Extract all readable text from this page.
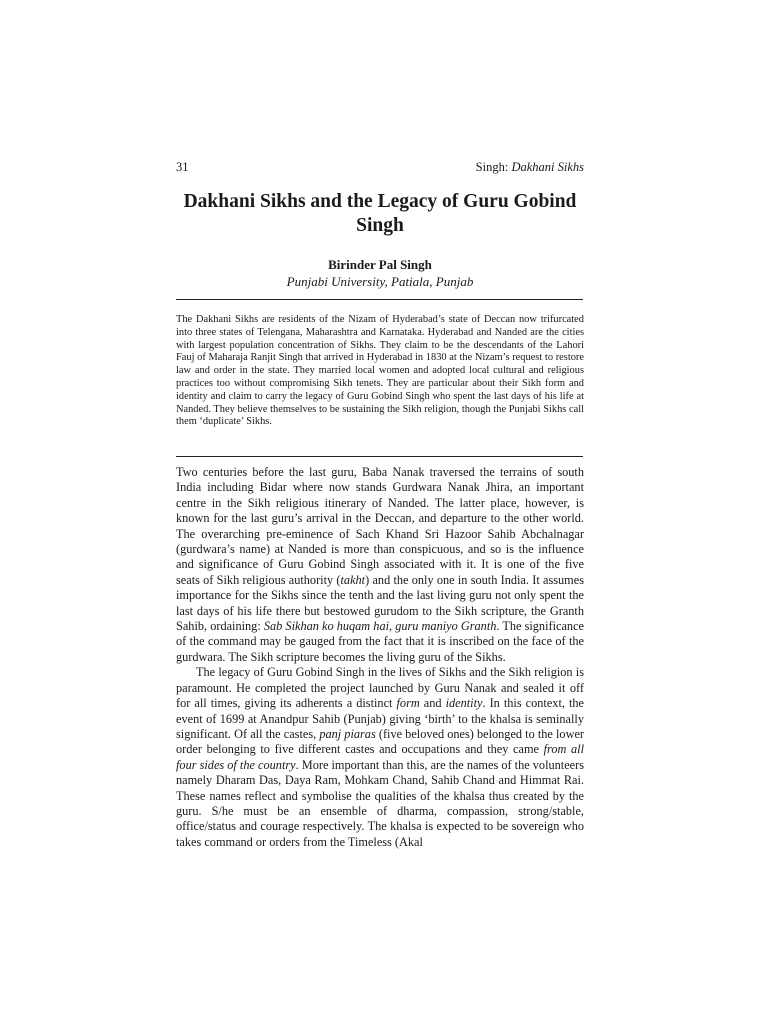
31	Singh: Dakhani Sikhs
Dakhani Sikhs and the Legacy of Guru Gobind Singh
Birinder Pal Singh
Punjabi University, Patiala, Punjab

The Dakhani Sikhs are residents of the Nizam of Hyderabad’s state of Deccan now trifurcated into three states of Telengana, Maharashtra and Karnataka. Hyderabad and Nanded are the cities with largest population concentration of Sikhs. They claim to be the descendants of the Lahori Fauj of Maharaja Ranjit Singh that arrived in Hyderabad in 1830 at the Nizam’s request to restore law and order in the state. They married local women and adopted local cultural and religious practices too without compromising Sikh tenets. They are particular about their Sikh form and identity and claim to carry the legacy of Guru Gobind Singh who spent the last days of his life at Nanded. They believe themselves to be sustaining the Sikh religion, though the Punjabi Sikhs call them ‘duplicate’ Sikhs.

Two centuries before the last guru, Baba Nanak traversed the terrains of south India including Bidar where now stands Gurdwara Nanak Jhira, an important centre in the Sikh religious itinerary of Nanded. The latter place, however, is known for the last guru’s arrival in the Deccan, and departure to the other world. The overarching pre-eminence of Sach Khand Sri Hazoor Sahib Abchalnagar (gurdwara’s name) at Nanded is more than conspicuous, and so is the influence and significance of Guru Gobind Singh associated with it. It is one of the five seats of Sikh religious authority (takht) and the only one in south India. It assumes importance for the Sikhs since the tenth and the last living guru not only spent the last days of his life there but bestowed gurudom to the Sikh scripture, the Granth Sahib, ordaining: Sab Sikhan ko huqam hai, guru maniyo Granth. The significance of the command may be gauged from the fact that it is inscribed on the face of the gurdwara. The Sikh scripture becomes the living guru of the Sikhs.

The legacy of Guru Gobind Singh in the lives of Sikhs and the Sikh religion is paramount. He completed the project launched by Guru Nanak and sealed it off for all times, giving its adherents a distinct form and identity. In this context, the event of 1699 at Anandpur Sahib (Punjab) giving ‘birth’ to the khalsa is seminally significant. Of all the castes, panj piaras (five beloved ones) belonged to the lower order belonging to five different castes and occupations and they came from all four sides of the country. More important than this, are the names of the volunteers namely Dharam Das, Daya Ram, Mohkam Chand, Sahib Chand and Himmat Rai. These names reflect and symbolise the qualities of the khalsa thus created by the guru. S/he must be an ensemble of dharma, compassion, strong/stable, office/status and courage respectively. The khalsa is expected to be sovereign who takes command or orders from the Timeless (Akal
